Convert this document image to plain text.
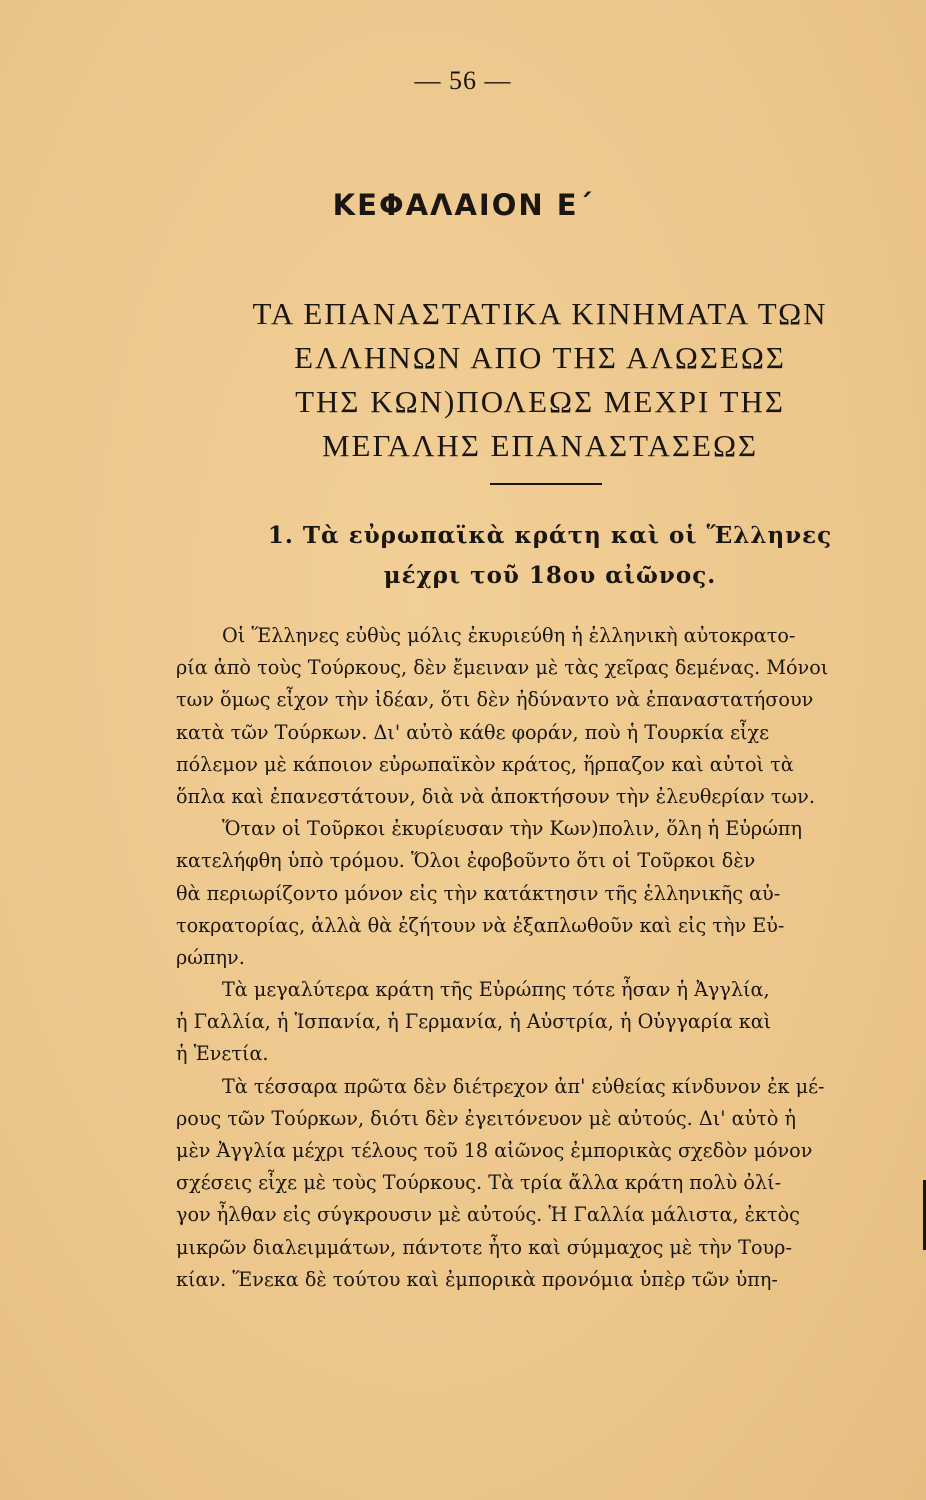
— 56 —
ΚΕΦΑΛΑΙΟΝ Ε΄
ΤΑ ΕΠΑΝΑΣΤΑΤΙΚΑ ΚΙΝΗΜΑΤΑ ΤΩΝ
ΕΛΛΗΝΩΝ ΑΠΟ ΤΗΣ ΑΛΩΣΕΩΣ
ΤΗΣ ΚΩΝ)ΠΟΛΕΩΣ ΜΕΧΡΙ ΤΗΣ
ΜΕΓΑΛΗΣ ΕΠΑΝΑΣΤΑΣΕΩΣ
1. Τὰ εὐρωπαϊκὰ κράτη καὶ οἱ Ἕλληνες
μέχρι τοῦ 18ου αἰῶνος.
Οἱ Ἕλληνες εὐθὺς μόλις ἐκυριεύθη ἡ ἑλληνικὴ αὐτοκρατο-
ρία ἀπὸ τοὺς Τούρκους, δὲν ἔμειναν μὲ τὰς χεῖρας δεμένας. Μόνοι
των ὅμως εἶχον τὴν ἰδέαν, ὅτι δὲν ἠδύναντο νὰ ἐπαναστατήσουν
κατὰ τῶν Τούρκων. Δι' αὐτὸ κάθε φοράν, ποὺ ἡ Τουρκία εἶχε
πόλεμον μὲ κάποιον εὐρωπαϊκὸν κράτος, ἥρπαζον καὶ αὐτοὶ τὰ
ὅπλα καὶ ἐπανεστάτουν, διὰ νὰ ἀποκτήσουν τὴν ἐλευθερίαν των.
Ὅταν οἱ Τοῦρκοι ἐκυρίευσαν τὴν Κων)πολιν, ὅλη ἡ Εὐρώπη
κατελήφθη ὑπὸ τρόμου. Ὅλοι ἐφοβοῦντο ὅτι οἱ Τοῦρκοι δὲν
θὰ περιωρίζοντο μόνον εἰς τὴν κατάκτησιν τῆς ἑλληνικῆς αὐ-
τοκρατορίας, ἀλλὰ θὰ ἐζήτουν νὰ ἐξαπλωθοῦν καὶ εἰς τὴν Εὐ-
ρώπην.
Τὰ μεγαλύτερα κράτη τῆς Εὐρώπης τότε ἦσαν ἡ Ἀγγλία,
ἡ Γαλλία, ἡ Ἱσπανία, ἡ Γερμανία, ἡ Αὐστρία, ἡ Οὐγγαρία καὶ
ἡ Ἑνετία.
Τὰ τέσσαρα πρῶτα δὲν διέτρεχον ἀπ' εὐθείας κίνδυνον ἐκ μέ-
ρους τῶν Τούρκων, διότι δὲν ἐγειτόνευον μὲ αὐτούς. Δι' αὐτὸ ἡ
μὲν Ἀγγλία μέχρι τέλους τοῦ 18 αἰῶνος ἐμπορικὰς σχεδὸν μόνον
σχέσεις εἶχε μὲ τοὺς Τούρκους. Τὰ τρία ἄλλα κράτη πολὺ ὀλί-
γον ἦλθαν εἰς σύγκρουσιν μὲ αὐτούς. Ἡ Γαλλία μάλιστα, ἐκτὸς
μικρῶν διαλειμμάτων, πάντοτε ἦτο καὶ σύμμαχος μὲ τὴν Τουρ-
κίαν. Ἕνεκα δὲ τούτου καὶ ἐμπορικὰ προνόμια ὑπὲρ τῶν ὑπη-
